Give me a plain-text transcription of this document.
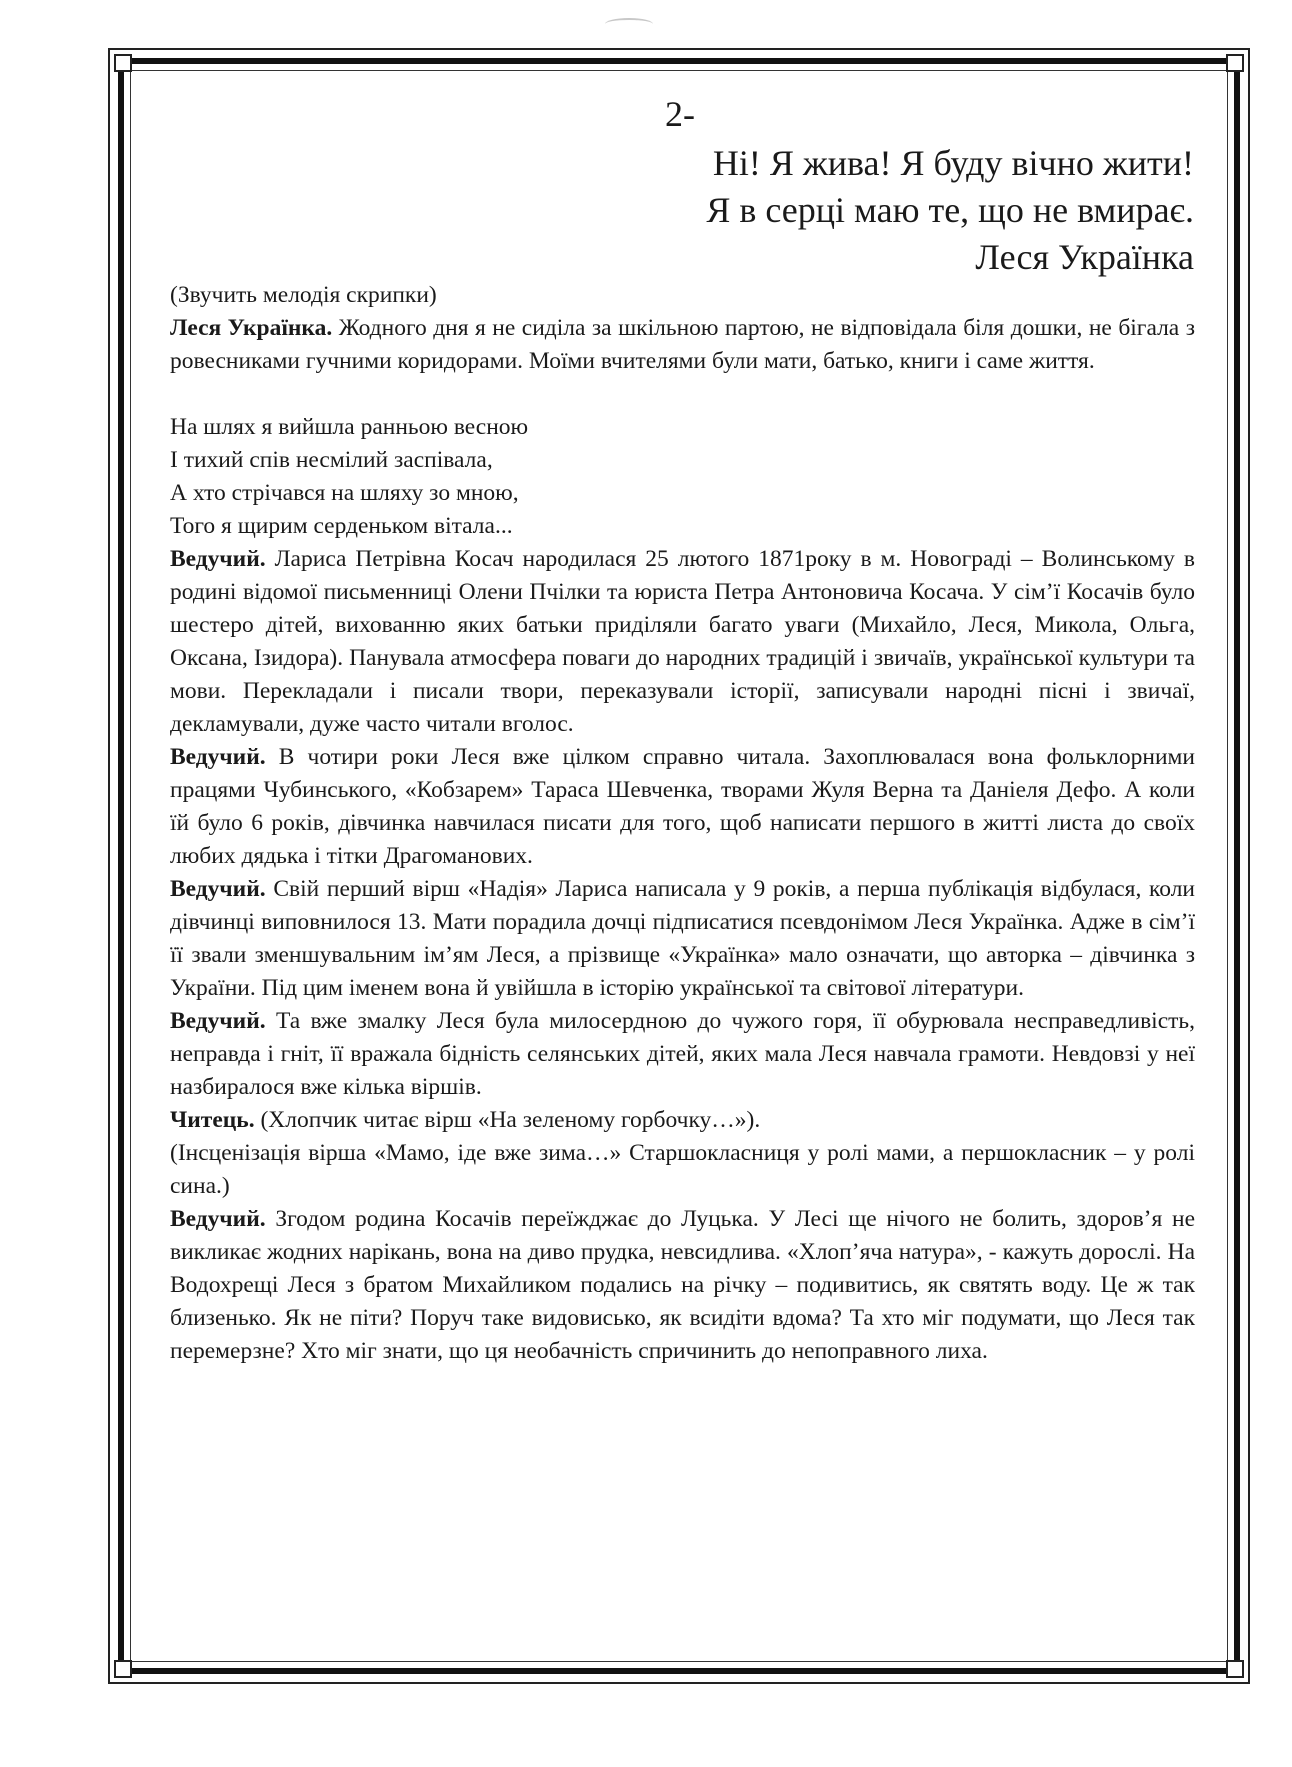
2-
Ні! Я жива! Я буду вічно жити!
Я в серці маю те, що не вмирає.
Леся Українка

(Звучить мелодія скрипки)

Леся Українка. Жодного дня я не сиділа за шкільною партою, не відповідала біля дошки, не бігала з ровесниками гучними коридорами. Моїми вчителями були мати, батько, книги і саме життя.

На шлях я вийшла ранньою весною
І тихий спів несмілий заспівала,
А хто стрічався на шляху зо мною,
Того я щирим серденьком вітала...

Ведучий. Лариса Петрівна Косач народилася 25 лютого 1871року в м. Новограді – Волинському в родині відомої письменниці Олени Пчілки та юриста Петра Антоновича Косача. У сім’ї Косачів було шестеро дітей, вихованню яких батьки приділяли багато уваги (Михайло, Леся, Микола, Ольга, Оксана, Ізидора). Панувала атмосфера поваги до народних традицій і звичаїв, української культури та мови. Перекладали і писали твори, переказували історії, записували народні пісні і звичаї, декламували, дуже часто читали вголос.

Ведучий. В чотири роки Леся вже цілком справно читала. Захоплювалася вона фольклорними працями Чубинського, «Кобзарем» Тараса Шевченка, творами Жуля Верна та Даніеля Дефо. А коли їй було 6 років, дівчинка навчилася писати для того, щоб написати першого в житті листа до своїх любих дядька і тітки Драгоманових.

Ведучий. Свій перший вірш «Надія» Лариса написала у 9 років, а перша публікація відбулася, коли дівчинці виповнилося 13. Мати порадила дочці підписатися псевдонімом Леся Українка. Адже в сім’ї її звали зменшувальним ім’ям Леся, а прізвище «Українка» мало означати, що авторка – дівчинка з України. Під цим іменем вона й увійшла в історію української та світової літератури.

Ведучий. Та вже змалку Леся була милосердною до чужого горя, її обурювала несправедливість, неправда і гніт, її вражала бідність селянських дітей, яких мала Леся навчала грамоти. Невдовзі у неї назбиралося вже кілька віршів.

Читець. (Хлопчик читає вірш «На зеленому горбочку…»).

(Інсценізація вірша «Мамо, іде вже зима…» Старшокласниця у ролі мами, а першокласник – у ролі сина.)

Ведучий. Згодом родина Косачів переїжджає до Луцька. У Лесі ще нічого не болить, здоров’я не викликає жодних нарікань, вона на диво прудка, невсидлива. «Хлоп’яча натура», - кажуть дорослі. На Водохрещі Леся з братом Михайликом подались на річку – подивитись, як святять воду. Це ж так близенько. Як не піти? Поруч таке видовисько, як всидіти вдома? Та хто міг подумати, що Леся так перемерзне? Хто міг знати, що ця необачність спричинить до непоправного лиха.
